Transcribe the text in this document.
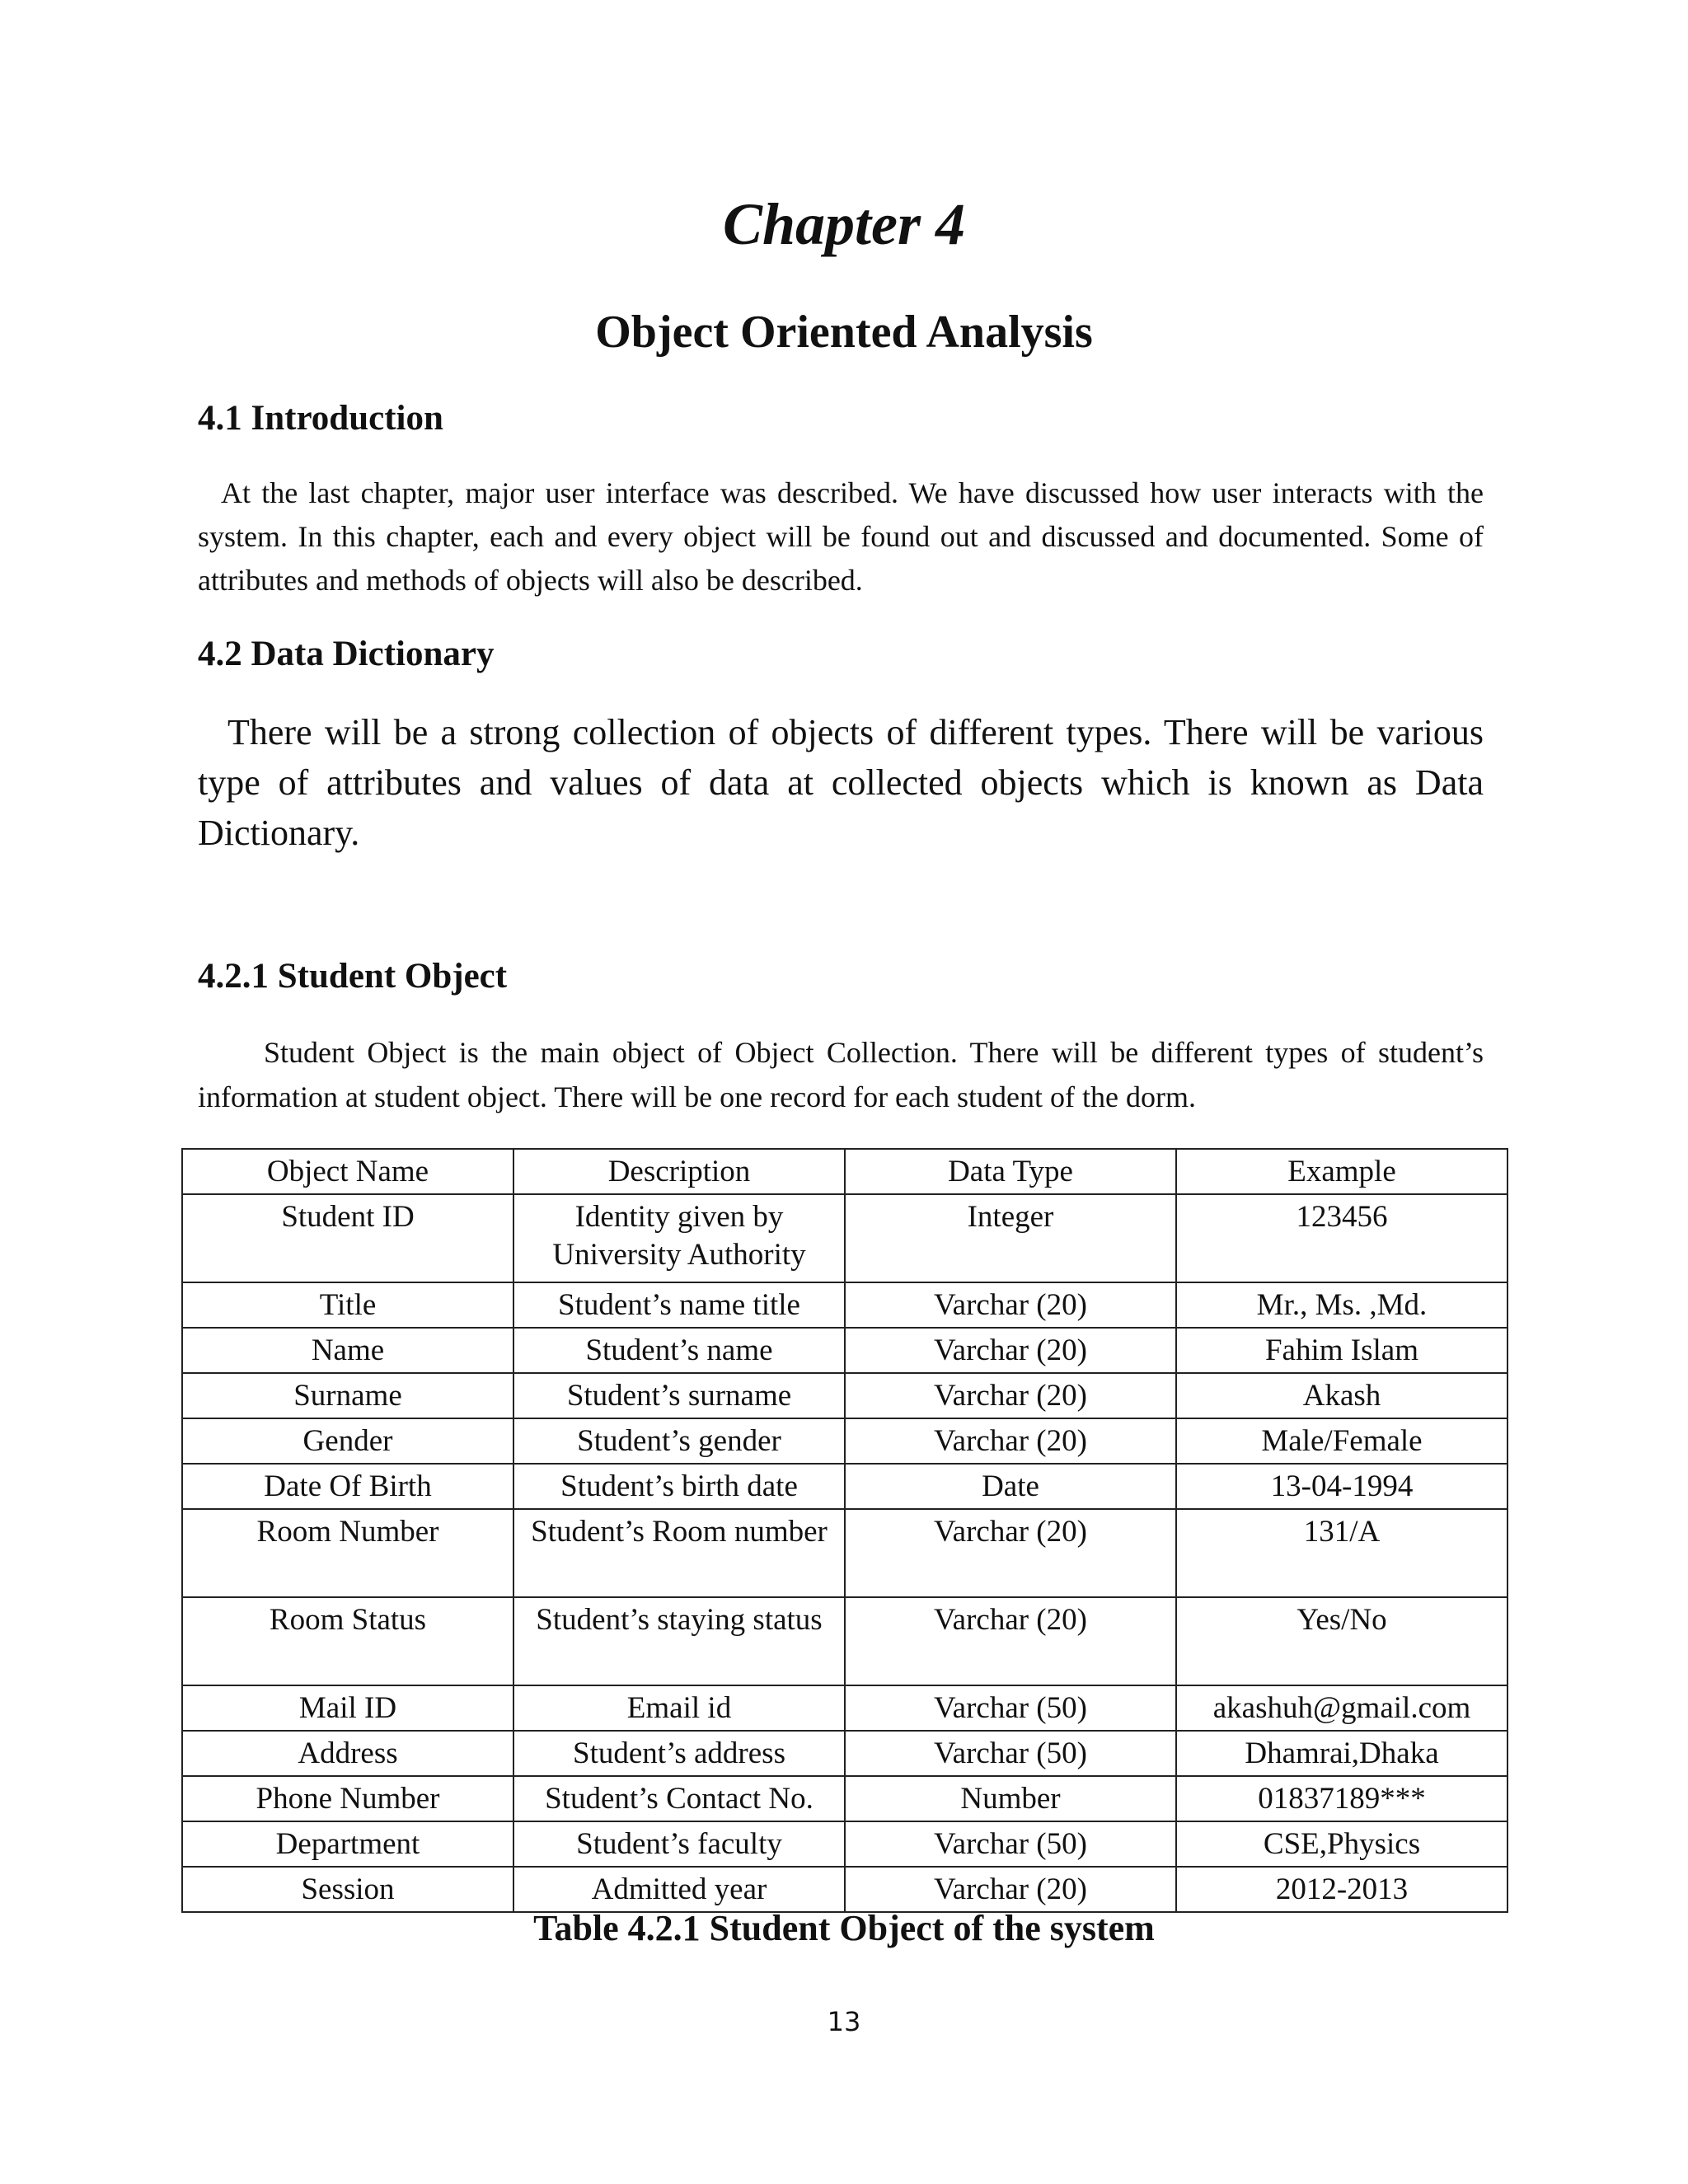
Chapter 4
Object Oriented Analysis
4.1 Introduction

At the last chapter, major user interface was described. We have discussed how user interacts with the system. In this chapter, each and every object will be found out and discussed and documented. Some of attributes and methods of objects will also be described.

4.2 Data Dictionary

There will be a strong collection of objects of different types. There will be various type of attributes and values of data at collected objects which is known as Data Dictionary.

4.2.1 Student Object

Student Object is the main object of Object Collection. There will be different types of student’s information at student object. There will be one record for each student of the dorm.

Object Name	Description	Data Type	Example
Student ID	Identity given by University Authority	Integer	123456
Title	Student’s name title	Varchar (20)	Mr., Ms. ,Md.
Name	Student’s name	Varchar (20)	Fahim Islam
Surname	Student’s surname	Varchar (20)	Akash
Gender	Student’s gender	Varchar (20)	Male/Female
Date Of Birth	Student’s birth date	Date	13-04-1994
Room Number	Student’s Room number	Varchar (20)	131/A
Room Status	Student’s staying status	Varchar (20)	Yes/No
Mail ID	Email id	Varchar (50)	akashuh@gmail.com
Address	Student’s address	Varchar (50)	Dhamrai,Dhaka
Phone Number	Student’s Contact No.	Number	01837189***
Department	Student’s faculty	Varchar (50)	CSE,Physics
Session	Admitted year	Varchar (20)	2012-2013

Table 4.2.1 Student Object of the system

13
